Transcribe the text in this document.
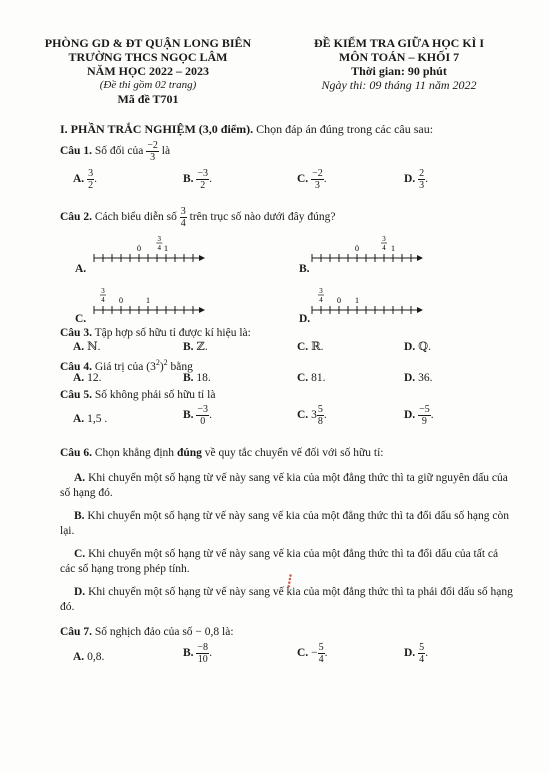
PHÒNG GD & ĐT QUẬN LONG BIÊN
TRƯỜNG THCS NGỌC LÂM
NĂM HỌC 2022 – 2023
(Đề thi gồm 02 trang)
Mã đề T701
ĐỀ KIỂM TRA GIỮA HỌC KÌ I
MÔN TOÁN – KHỐI 7
Thời gian: 90 phút
Ngày thi: 09 tháng 11 năm 2022
I. PHẦN TRẮC NGHIỆM (3,0 điểm). Chọn đáp án đúng trong các câu sau:
Câu 1. Số đối của $\frac{-2}{3}$ là
A. $\frac{3}{2}$ .	B. $\frac{-3}{2}$ .	C. $\frac{-2}{3}$ .	D. $\frac{2}{3}$ .
Câu 2. Cách biểu diễn số $\frac{3}{4}$ trên trục số nào dưới đây đúng?
0	1
3
4	0	1
3
4
0	1
3
4	0 1
3
4
A.	B.
C.	D.
Câu 3. Tập hợp số hữu tỉ được kí hiệu là:
A. ℕ.	B. ℤ.	C. ℝ.	D. ℚ.
Câu 4. Giá trị của $(3^2)^2$ bằng
A. 12.	B. 18.	C. 81.	D. 36.
Câu 5. Số không phải số hữu tỉ là
A. 1,5 .	B. $\frac{-3}{0}$ .	C. $3 \frac{5}{8}$ .	D. $\frac{-5}{9}$ .
Câu 6. Chọn khẳng định đúng về quy tắc chuyển vế đối với số hữu tỉ:
A. Khi chuyển một số hạng từ vế này sang vế kia của một đẳng thức thì ta giữ nguyên dấu của số hạng đó.
B. Khi chuyển một số hạng từ vế này sang vế kia của một đẳng thức thì ta đổi dấu số hạng còn lại.
C. Khi chuyển một số hạng từ vế này sang vế kia của một đẳng thức thì ta đổi dấu của tất cả các số hạng trong phép tính.
D. Khi chuyển một số hạng từ vế này sang vế kia của một đẳng thức thì ta phải đổi dấu số hạng đó.
Câu 7. Số nghịch đảo của số − 0,8 là:
A. 0,8.	B. $\frac{-8}{10}$ .	C. − $\frac{5}{4}$ .	D. $\frac{5}{4}$ .
●●●●
